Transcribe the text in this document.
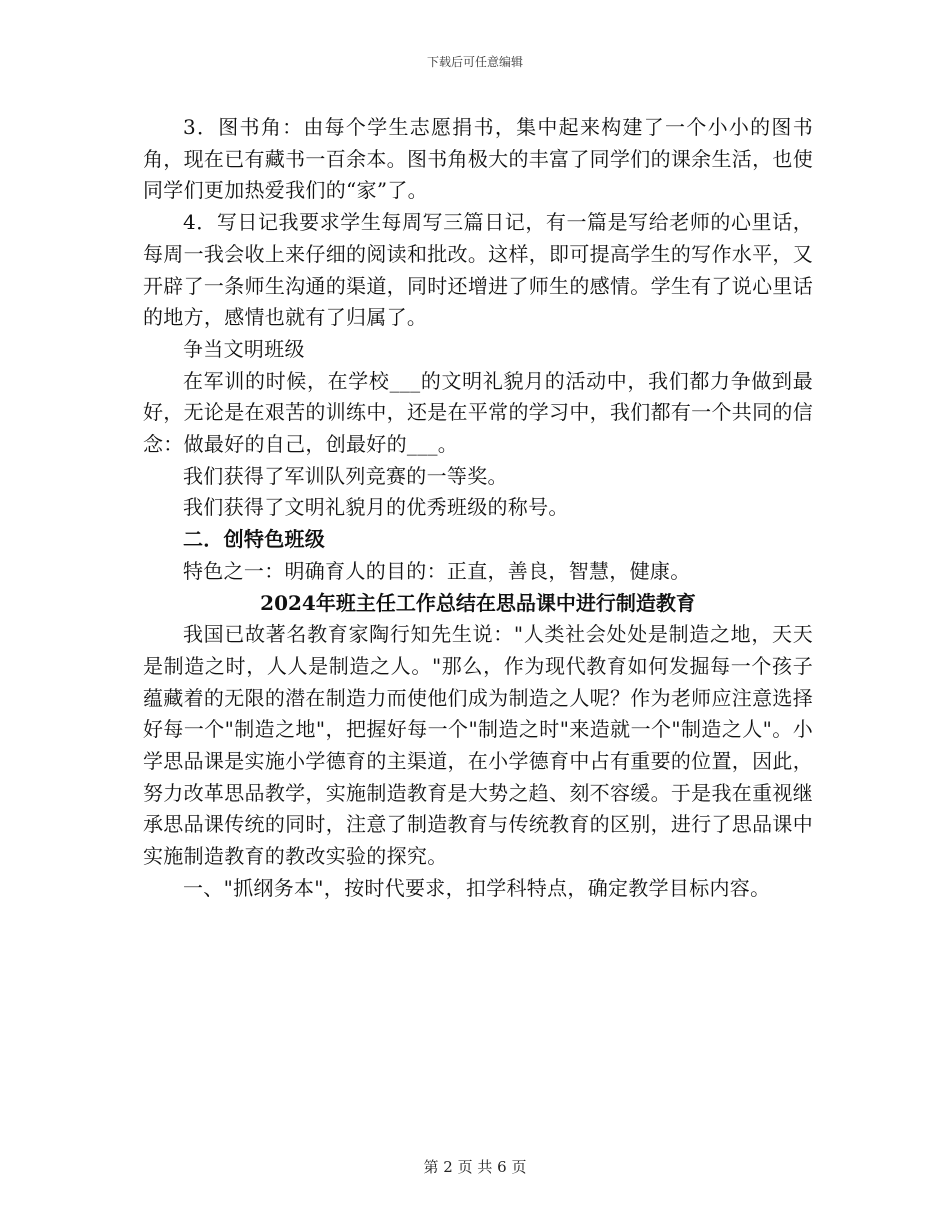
下载后可任意编辑

3．图书角：由每个学生志愿捐书，集中起来构建了一个小小的图书角，现在已有藏书一百余本。图书角极大的丰富了同学们的课余生活，也使同学们更加热爱我们的“家”了。

4．写日记我要求学生每周写三篇日记，有一篇是写给老师的心里话，每周一我会收上来仔细的阅读和批改。这样，即可提高学生的写作水平，又开辟了一条师生沟通的渠道，同时还增进了师生的感情。学生有了说心里话的地方，感情也就有了归属了。

争当文明班级

在军训的时候，在学校___的文明礼貌月的活动中，我们都力争做到最好，无论是在艰苦的训练中，还是在平常的学习中，我们都有一个共同的信念：做最好的自己，创最好的___。

我们获得了军训队列竞赛的一等奖。

我们获得了文明礼貌月的优秀班级的称号。

二．创特色班级

特色之一：明确育人的目的：正直，善良，智慧，健康。

2024年班主任工作总结在思品课中进行制造教育

我国已故著名教育家陶行知先生说："人类社会处处是制造之地，天天是制造之时，人人是制造之人。"那么，作为现代教育如何发掘每一个孩子蕴藏着的无限的潜在制造力而使他们成为制造之人呢？作为老师应注意选择好每一个"制造之地"，把握好每一个"制造之时"来造就一个"制造之人"。小学思品课是实施小学德育的主渠道，在小学德育中占有重要的位置，因此，努力改革思品教学，实施制造教育是大势之趋、刻不容缓。于是我在重视继承思品课传统的同时，注意了制造教育与传统教育的区别，进行了思品课中实施制造教育的教改实验的探究。

一、"抓纲务本"，按时代要求，扣学科特点，确定教学目标内容。

第 2 页 共 6 页
